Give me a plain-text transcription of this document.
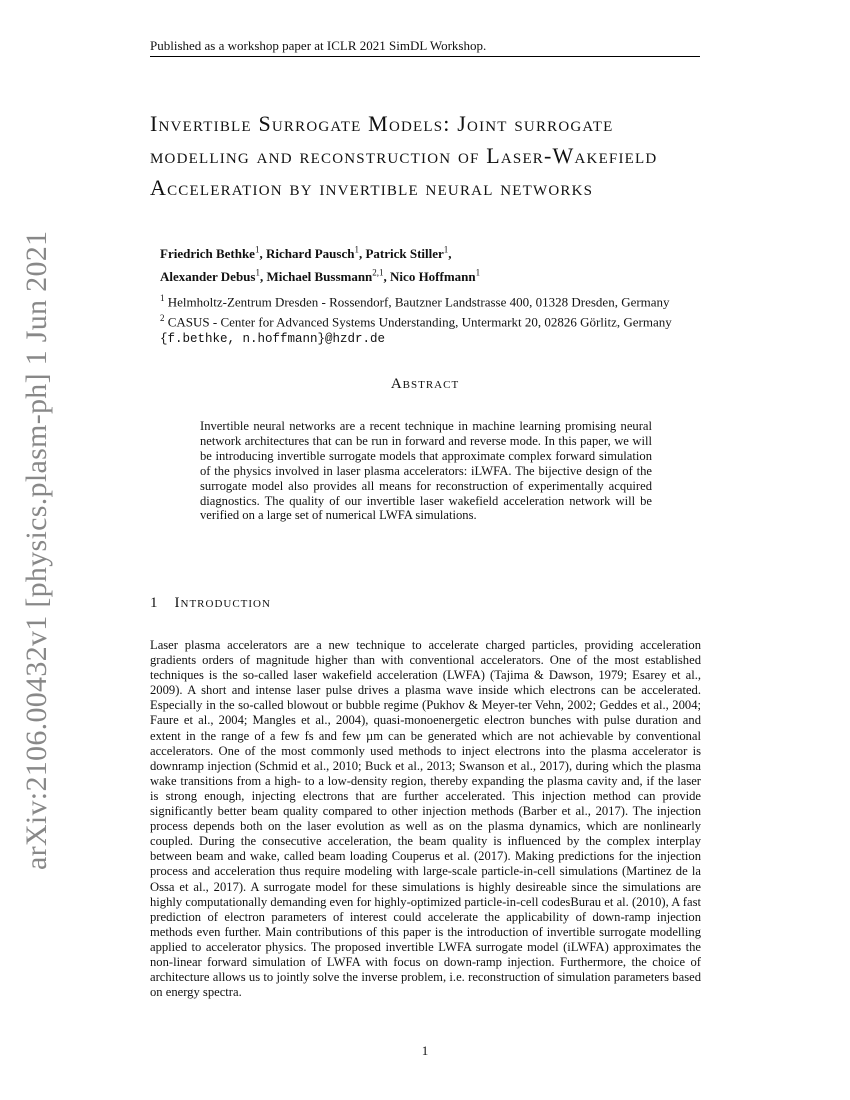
Published as a workshop paper at ICLR 2021 SimDL Workshop.
arXiv:2106.00432v1 [physics.plasm-ph] 1 Jun 2021
Invertible Surrogate Models: Joint surrogate modelling and reconstruction of Laser-Wakefield Acceleration by invertible neural networks
Friedrich Bethke$^1$, Richard Pausch$^1$, Patrick Stiller$^1$,
Alexander Debus$^1$, Michael Bussmann$^{2,1}$, Nico Hoffmann$^1$
$^1$ Helmholtz-Zentrum Dresden - Rossendorf, Bautzner Landstrasse 400, 01328 Dresden, Germany
$^2$ CASUS - Center for Advanced Systems Understanding, Untermarkt 20, 02826 Görlitz, Germany
{f.bethke, n.hoffmann}@hzdr.de
Abstract
Invertible neural networks are a recent technique in machine learning promising neural network architectures that can be run in forward and reverse mode. In this paper, we will be introducing invertible surrogate models that approximate complex forward simulation of the physics involved in laser plasma accelerators: iLWFA. The bijective design of the surrogate model also provides all means for reconstruction of experimentally acquired diagnostics. The quality of our invertible laser wakefield acceleration network will be verified on a large set of numerical LWFA simulations.
1 Introduction
Laser plasma accelerators are a new technique to accelerate charged particles, providing acceleration gradients orders of magnitude higher than with conventional accelerators. One of the most established techniques is the so-called laser wakefield acceleration (LWFA) (Tajima & Dawson, 1979; Esarey et al., 2009). A short and intense laser pulse drives a plasma wave inside which electrons can be accelerated. Especially in the so-called blowout or bubble regime (Pukhov & Meyer-ter Vehn, 2002; Geddes et al., 2004; Faure et al., 2004; Mangles et al., 2004), quasi-monoenergetic electron bunches with pulse duration and extent in the range of a few fs and few µm can be generated which are not achievable by conventional accelerators. One of the most commonly used methods to inject electrons into the plasma accelerator is downramp injection (Schmid et al., 2010; Buck et al., 2013; Swanson et al., 2017), during which the plasma wake transitions from a high- to a low-density region, thereby expanding the plasma cavity and, if the laser is strong enough, injecting electrons that are further accelerated. This injection method can provide significantly better beam quality compared to other injection methods (Barber et al., 2017). The injection process depends both on the laser evolution as well as on the plasma dynamics, which are nonlinearly coupled. During the consecutive acceleration, the beam quality is influenced by the complex interplay between beam and wake, called beam loading Couperus et al. (2017). Making predictions for the injection process and acceleration thus require modeling with large-scale particle-in-cell simulations (Martinez de la Ossa et al., 2017). A surrogate model for these simulations is highly desireable since the simulations are highly computationally demanding even for highly-optimized particle-in-cell codesBurau et al. (2010), A fast prediction of electron parameters of interest could accelerate the applicability of down-ramp injection methods even further. Main contributions of this paper is the introduction of invertible surrogate modelling applied to accelerator physics. The proposed invertible LWFA surrogate model (iLWFA) approximates the non-linear forward simulation of LWFA with focus on down-ramp injection. Furthermore, the choice of architecture allows us to jointly solve the inverse problem, i.e. reconstruction of simulation parameters based on energy spectra.
1
